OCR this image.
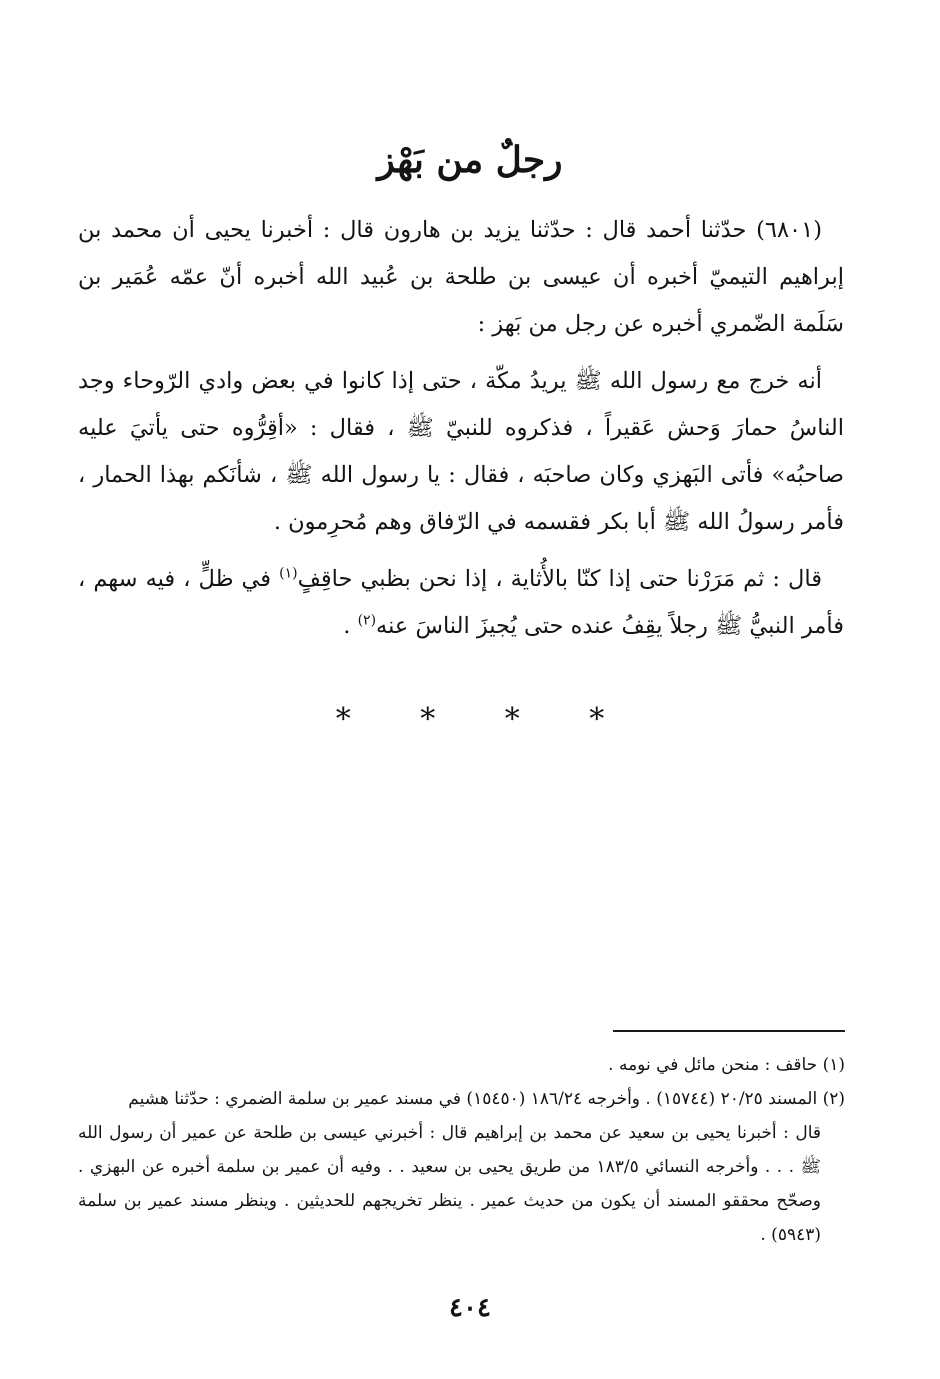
رجلٌ من بَهْز

(٦٨٠١) حدّثنا أحمد قال : حدّثنا يزيد بن هارون قال : أخبرنا يحيى أن محمد بن إبراهيم التيميّ أخبره أن عيسى بن طلحة بن عُبيد الله أخبره أنّ عمّه عُمَير بن سَلَمة الضّمري أخبره عن رجل من بَهز :

أنه خرج مع رسول الله ﷺ يريدُ مكّة ، حتى إذا كانوا في بعض وادي الرّوحاء وجد الناسُ حمارَ وَحش عَقيراً ، فذكروه للنبيّ ﷺ ، فقال : «أقِرُّوه حتى يأتيَ عليه صاحبُه» فأتى البَهزي وكان صاحبَه ، فقال : يا رسول الله ﷺ ، شأنَكم بهذا الحمار ، فأمر رسولُ الله ﷺ أبا بكر فقسمه في الرّفاق وهم مُحرِمون .

قال : ثم مَرَرْنا حتى إذا كنّا بالأُثاية ، إذا نحن بظبي حاقِفٍ$^{(١)}$ في ظلٍّ ، فيه سهم ، فأمر النبيُّ ﷺ رجلاً يقِفُ عنده حتى يُجيزَ الناسَ عنه$^{(٢)}$ .

* * * *

(١) حاقف : منحن مائل في نومه .

(٢) المسند ٢٠/٢٥ (١٥٧٤٤) . وأخرجه ١٨٦/٢٤ (١٥٤٥٠) في مسند عمير بن سلمة الضمري : حدّثنا هشيم

قال : أخبرنا يحيى بن سعيد عن محمد بن إبراهيم قال : أخبرني عيسى بن طلحة عن عمير أن رسول الله ﷺ . . . وأخرجه النسائي ١٨٣/٥ من طريق يحيى بن سعيد . . وفيه أن عمير بن سلمة أخبره عن البهزي . وصحّح محققو المسند أن يكون من حديث عمير . ينظر تخريجهم للحديثين . وينظر مسند عمير بن سلمة (٥٩٤٣) .

٤٠٤
